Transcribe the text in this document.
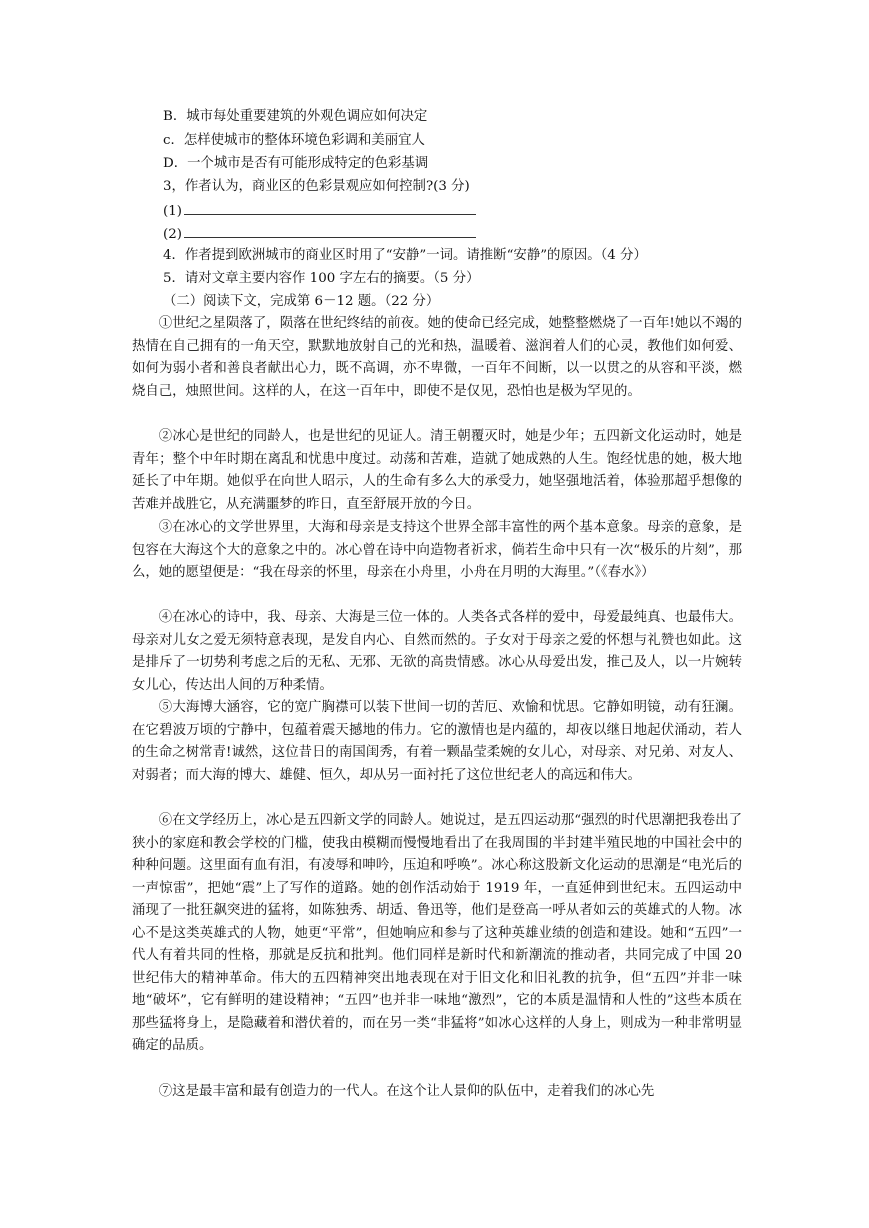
B．城市每处重要建筑的外观色调应如何决定
c．怎样使城市的整体环境色彩调和美丽宜人
D．一个城市是否有可能形成特定的色彩基调
3，作者认为，商业区的色彩景观应如何控制?(3 分)
(1)
(2)
4．作者提到欧洲城市的商业区时用了“安静”一词。请推断“安静”的原因。（4 分）
5．请对文章主要内容作 100 字左右的摘要。（5 分）
（二）阅读下文，完成第 6－12 题。（22 分）

①世纪之星陨落了，陨落在世纪终结的前夜。她的使命已经完成，她整整燃烧了一百年!她以不竭的热情在自己拥有的一角天空，默默地放射自己的光和热，温暖着、滋润着人们的心灵，教他们如何爱、如何为弱小者和善良者献出心力，既不高调，亦不卑微，一百年不间断，以一以贯之的从容和平淡，燃烧自己，烛照世间。这样的人，在这一百年中，即使不是仅见，恐怕也是极为罕见的。

②冰心是世纪的同龄人，也是世纪的见证人。清王朝覆灭时，她是少年；五四新文化运动时，她是青年；整个中年时期在离乱和忧患中度过。动荡和苦难，造就了她成熟的人生。饱经忧患的她，极大地延长了中年期。她似乎在向世人昭示，人的生命有多么大的承受力，她坚强地活着，体验那超乎想像的苦难并战胜它，从充满噩梦的昨日，直至舒展开放的今日。

③在冰心的文学世界里，大海和母亲是支持这个世界全部丰富性的两个基本意象。母亲的意象，是包容在大海这个大的意象之中的。冰心曾在诗中向造物者祈求，倘若生命中只有一次“极乐的片刻”，那么，她的愿望便是：“我在母亲的怀里，母亲在小舟里，小舟在月明的大海里。”（《春水》）

④在冰心的诗中，我、母亲、大海是三位一体的。人类各式各样的爱中，母爱最纯真、也最伟大。母亲对儿女之爱无须特意表现，是发自内心、自然而然的。子女对于母亲之爱的怀想与礼赞也如此。这是排斥了一切势利考虑之后的无私、无邪、无欲的高贵情感。冰心从母爱出发，推己及人，以一片婉转女儿心，传达出人间的万种柔情。

⑤大海博大涵容，它的宽广胸襟可以装下世间一切的苦厄、欢愉和忧思。它静如明镜，动有狂澜。在它碧波万顷的宁静中，包蕴着震天撼地的伟力。它的激情也是内蕴的，却夜以继日地起伏涌动，若人的生命之树常青!诚然，这位昔日的南国闺秀，有着一颗晶莹柔婉的女儿心，对母亲、对兄弟、对友人、对弱者；而大海的博大、雄健、恒久，却从另一面衬托了这位世纪老人的高远和伟大。

⑥在文学经历上，冰心是五四新文学的同龄人。她说过，是五四运动那“强烈的时代思潮把我卷出了狭小的家庭和教会学校的门槛，使我由模糊而慢慢地看出了在我周围的半封建半殖民地的中国社会中的种种问题。这里面有血有泪，有凌辱和呻吟，压迫和呼唤”。冰心称这股新文化运动的思潮是“电光后的一声惊雷”，把她“震”上了写作的道路。她的创作活动始于 1919 年，一直延伸到世纪末。五四运动中涌现了一批狂飙突进的猛将，如陈独秀、胡适、鲁迅等，他们是登高一呼从者如云的英雄式的人物。冰心不是这类英雄式的人物，她更“平常”，但她响应和参与了这种英雄业绩的创造和建设。她和“五四”一代人有着共同的性格，那就是反抗和批判。他们同样是新时代和新潮流的推动者，共同完成了中国 20 世纪伟大的精神革命。伟大的五四精神突出地表现在对于旧文化和旧礼教的抗争，但“五四”并非一味地“破坏”，它有鲜明的建设精神；“五四”也并非一味地“激烈”，它的本质是温情和人性的”这些本质在那些猛将身上，是隐藏着和潜伏着的，而在另一类“非猛将”如冰心这样的人身上，则成为一种非常明显确定的品质。

⑦这是最丰富和最有创造力的一代人。在这个让人景仰的队伍中，走着我们的冰心先
